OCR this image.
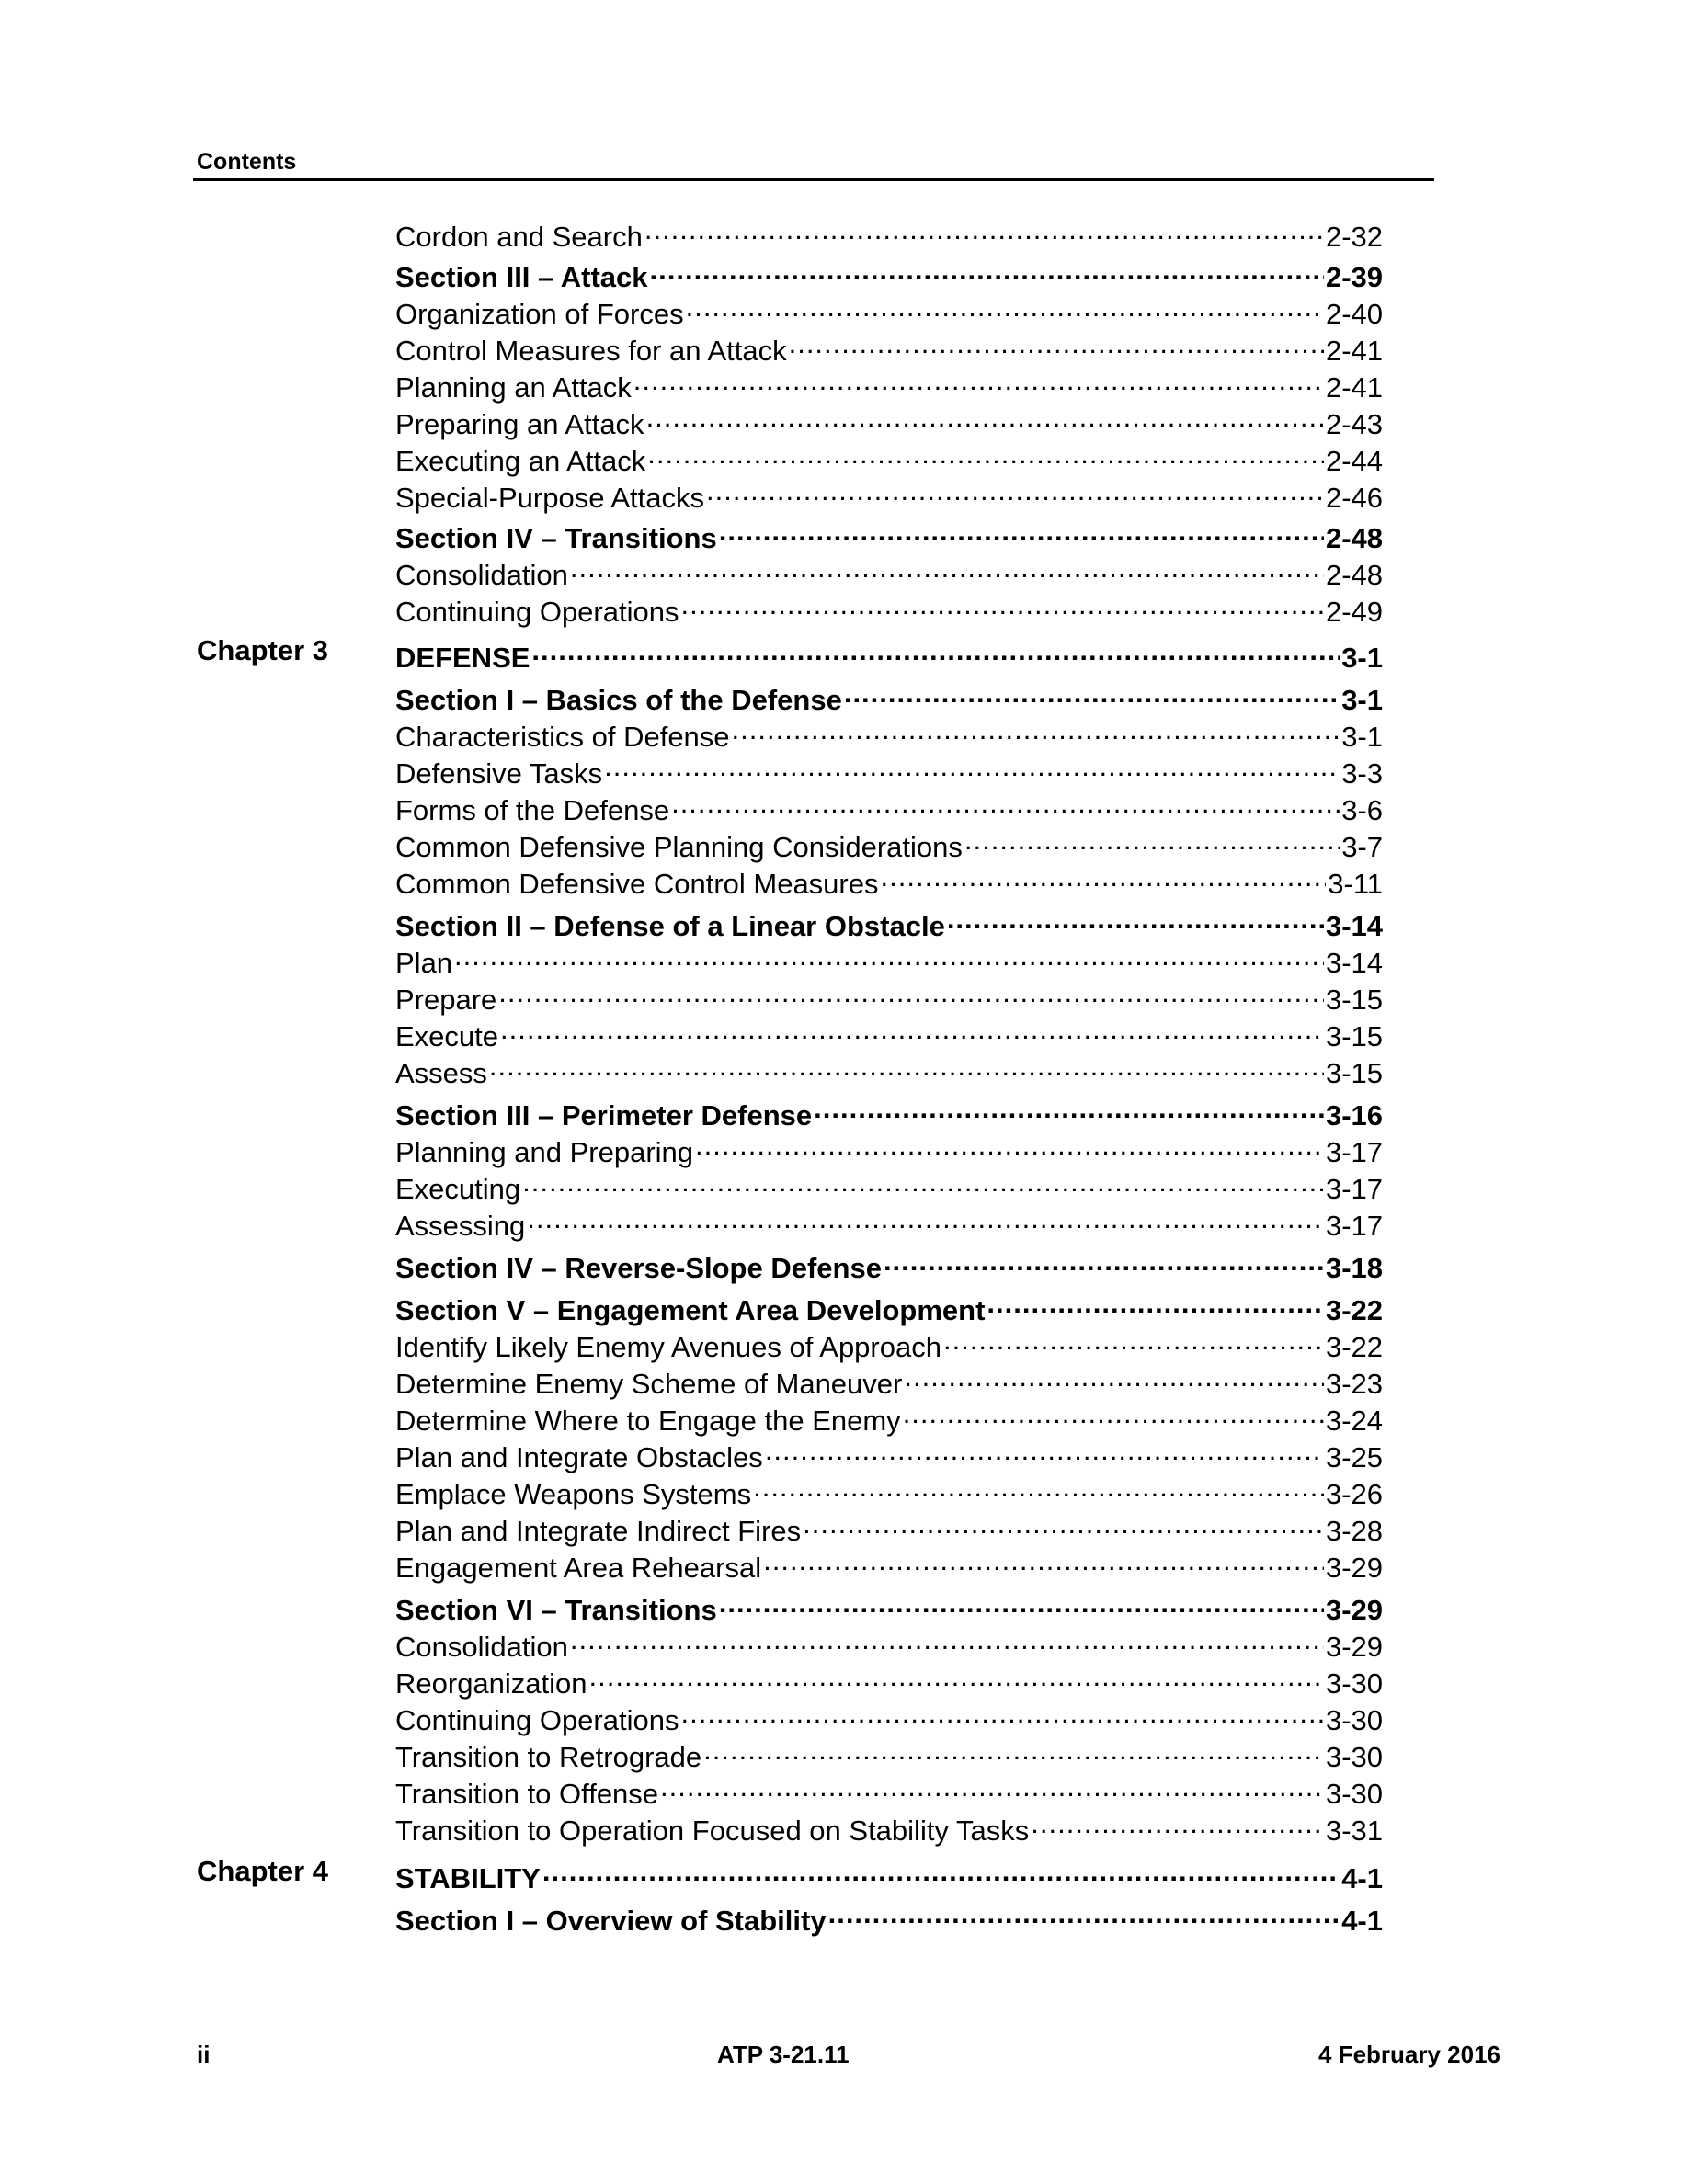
Contents
Cordon and Search .....	2-32
Section III – Attack .....	2-39
Organization of Forces .....	2-40
Control Measures for an Attack .....	2-41
Planning an Attack .....	2-41
Preparing an Attack .....	2-43
Executing an Attack .....	2-44
Special-Purpose Attacks .....	2-46
Section IV – Transitions .....	2-48
Consolidation .....	2-48
Continuing Operations .....	2-49
Chapter 3 DEFENSE .....	3-1
Section I – Basics of the Defense .....	3-1
Characteristics of Defense .....	3-1
Defensive Tasks .....	3-3
Forms of the Defense .....	3-6
Common Defensive Planning Considerations .....	3-7
Common Defensive Control Measures .....	3-11
Section II – Defense of a Linear Obstacle .....	3-14
Plan .....	3-14
Prepare .....	3-15
Execute .....	3-15
Assess .....	3-15
Section III – Perimeter Defense .....	3-16
Planning and Preparing .....	3-17
Executing .....	3-17
Assessing .....	3-17
Section IV – Reverse-Slope Defense .....	3-18
Section V – Engagement Area Development .....	3-22
Identify Likely Enemy Avenues of Approach .....	3-22
Determine Enemy Scheme of Maneuver .....	3-23
Determine Where to Engage the Enemy .....	3-24
Plan and Integrate Obstacles .....	3-25
Emplace Weapons Systems .....	3-26
Plan and Integrate Indirect Fires .....	3-28
Engagement Area Rehearsal .....	3-29
Section VI – Transitions .....	3-29
Consolidation .....	3-29
Reorganization .....	3-30
Continuing Operations .....	3-30
Transition to Retrograde .....	3-30
Transition to Offense .....	3-30
Transition to Operation Focused on Stability Tasks .....	3-31
Chapter 4 STABILITY .....	4-1
Section I – Overview of Stability .....	4-1
ii	ATP 3-21.11	4 February 2016
